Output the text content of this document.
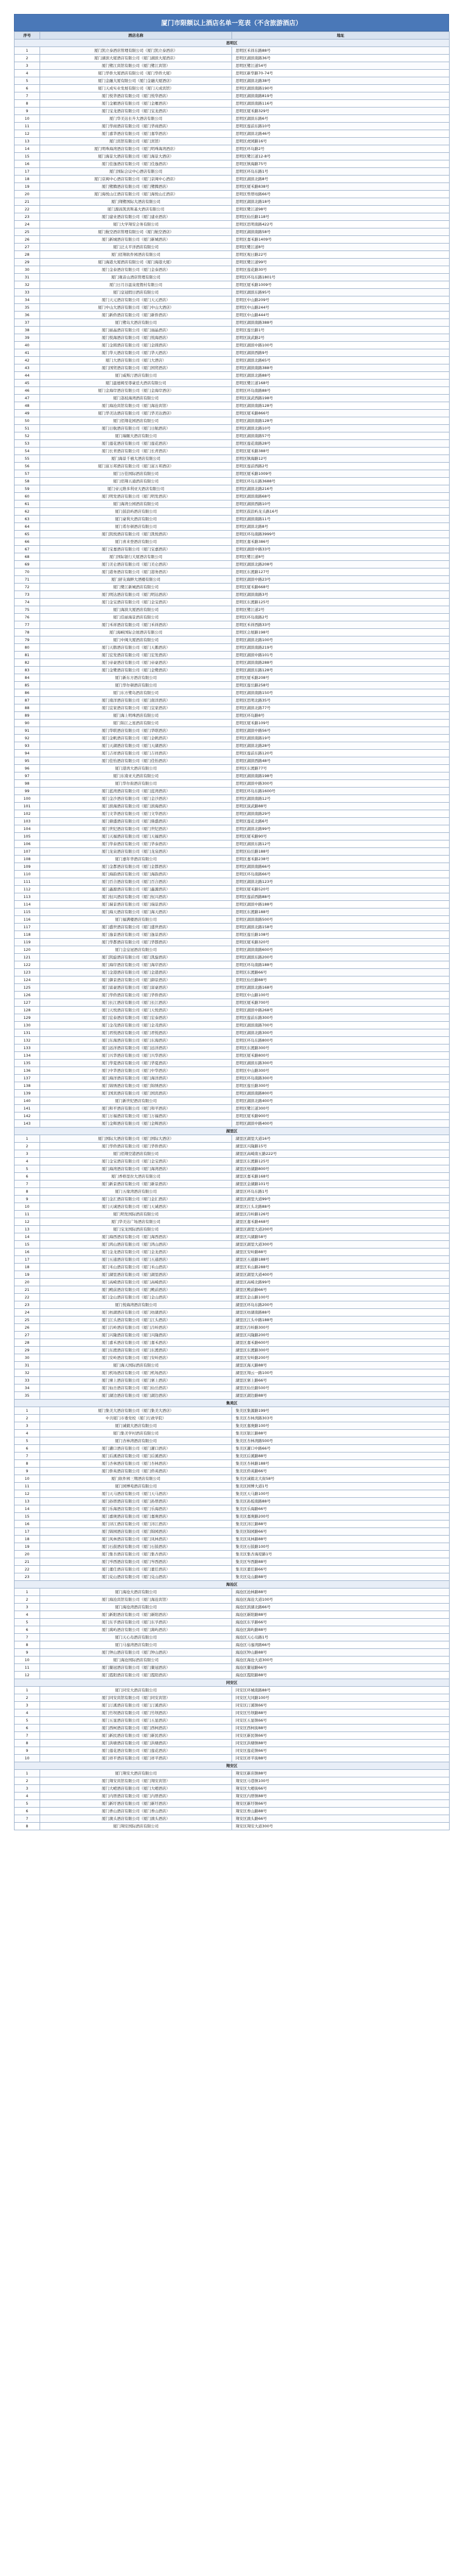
厦门市限额以上酒店名单一览表（不含旅游酒店）
序号	酒店名称	地址
思明区		
1	厦门凯立泰酒店管理有限公司（厦门凯立泰酒店）	思明区禾祥东路88号
2	厦门湖滨大厦酒店有限公司（厦门湖滨大厦酒店）	思明区湖滨南路36号
3	厦门鹭江宾馆有限公司（厦门鹭江宾馆）	思明区鹭江道54号
4	厦门华侨大厦酒店有限公司（厦门华侨大厦）	思明区新华路70-74号
5	厦门金融大厦有限公司（厦门金融大厦酒店）	思明区湖滨北路38号
6	厦门天成实业发展有限公司（厦门天成宾馆）	思明区湖滨南路190号
7	厦门悦华酒店有限公司（厦门悦华酒店）	思明区湖滨南路819号
8	厦门金雁酒店有限公司（厦门金雁酒店）	思明区湖滨南路116号
9	厦门宝龙酒店有限公司（厦门宝龙酒店）	思明区厦禾路329号
10	厦门华美达长升大酒店有限公司	思明区湖滨东路6号
11	厦门华商酒店有限公司（厦门华商酒店）	思明区莲前东路10号
12	厦门嘉华酒店有限公司（厦门嘉华酒店）	思明区湖滨北路46号
13	厦门宾馆有限公司（厦门宾馆）	思明区虎园路16号
14	厦门明珠海湾酒店有限公司（厦门明珠海湾酒店）	思明区环岛路2号
15	厦门海景大酒店有限公司（厦门海景大酒店）	思明区鹭江道12-8号
16	厦门佳逸酒店有限公司（厦门佳逸酒店）	思明区镇海路75号
17	厦门国际会议中心酒店有限公司	思明区环岛东路1号
18	厦门京闽中心酒店有限公司（厦门京闽中心酒店）	思明区湖滨北路8号
19	厦门鹭腾酒店有限公司（厦门鹭腾酒店）	思明区厦禾路838号
20	厦门海悦山庄酒店有限公司（厦门海悦山庄酒店）	思明区曾厝垵路66号
21	厦门翔鹭国际大酒店有限公司	思明区湖滨北路18号
22	厦门源昌凯宾斯基大酒店有限公司	思明区鹭江道98号
23	厦门建业酒店有限公司（厦门建业酒店）	思明区仙岳路118号
24	厦门大学翔安会务有限公司	思明区思明南路422号
25	厦门航空酒店管理有限公司（厦门航空酒店）	思明区湖滨南路58号
26	厦门新城酒店有限公司（厦门新城酒店）	思明区嘉禾路1409号
27	厦门泛太平洋酒店有限公司	思明区鹭江道8号
28	厦门佰翔软件园酒店有限公司	思明区观日路22号
29	厦门海港大厦酒店有限公司（厦门海港大厦）	思明区鹭江道99号
30	厦门金泰酒店有限公司（厦门金泰酒店）	思明区莲花路30号
31	厦门观音山酒店管理有限公司	思明区环岛东路1801号
32	厦门日月谷温泉度假村有限公司	思明区厦禾路1009号
33	厦门皇冠假日酒店有限公司	思明区湖滨东路95号
34	厦门天元酒店有限公司（厦门天元酒店）	思明区中山路209号
35	厦门中山大酒店有限公司（厦门中山大酒店）	思明区中山路244号
36	厦门新侨酒店有限公司（厦门新侨酒店）	思明区中山路444号
37	厦门鹭岛大酒店有限公司	思明区湖滨南路388号
38	厦门丽晶酒店有限公司（厦门丽晶酒店）	思明区莲岳路1号
39	厦门悦海酒店有限公司（厦门悦海酒店）	思明区演武路2号
40	厦门金圆酒店有限公司（厦门金圆酒店）	思明区湖滨中路100号
41	厦门华天酒店有限公司（厦门华天酒店）	思明区湖滨西路9号
42	厦门大酒店有限公司（厦门大酒店）	思明区湖滨北路65号
43	厦门国贸酒店有限公司（厦门国贸酒店）	思明区湖滨南路388号
44	厦门威斯汀酒店有限公司	思明区湖滨北路88号
45	厦门温德姆至尊豪廷大酒店有限公司	思明区鹭江道168号
46	厦门金海岸酒店有限公司（厦门金海岸酒店）	思明区环岛南路88号
47	厦门荔枝海湾酒店有限公司	思明区演武西路198号
48	厦门海沧宾馆有限公司（厦门海沧宾馆）	思明区湖滨南路128号
49	厦门华美达酒店有限公司（厦门华美达酒店）	思明区厦禾路866号
50	厦门佰翔花园酒店有限公司	思明区湖滨南路128号
51	厦门日航酒店有限公司（厦门日航酒店）	思明区湖滨北路10号
52	厦门瑞颐大酒店有限公司	思明区湖滨南路57号
53	厦门莲花酒店有限公司（厦门莲花酒店）	思明区莲花南路28号
54	厦门长青酒店有限公司（厦门长青酒店）	思明区厦禾路388号
55	厦门海景千禧大酒店有限公司	思明区镇海路12号
56	厦门富万邦酒店有限公司（厦门富万邦酒店）	思明区莲前西路2号
57	厦门万佳国际酒店有限公司	思明区厦禾路1009号
58	厦门佰翔五通酒店有限公司	思明区环岛东路3688号
59	厦门帝元维多利亚大酒店有限公司	思明区湖滨北路216号
60	厦门明发酒店有限公司（厦门明发酒店）	思明区湖滨南路68号
61	厦门海湾公园酒店有限公司	思明区湖滨西路10号
62	厦门鼓浪屿酒店有限公司	思明区鼓浪屿龙头路16号
63	厦门豪利大酒店有限公司	思明区湖滨南路11号
64	厦门希尔顿酒店有限公司	思明区湖滨北路8号
65	厦门凯悦酒店有限公司（厦门凯悦酒店）	思明区环岛南路3999号
66	厦门喜来登酒店有限公司	思明区嘉禾路386号
67	厦门宝嘉酒店有限公司（厦门宝嘉酒店）	思明区湖滨中路33号
68	厦门国际银行大厦酒店有限公司	思明区鹭江道8号
69	厦门美仑酒店有限公司（厦门美仑酒店）	思明区湖滨北路208号
70	厦门港务酒店有限公司（厦门港务酒店）	思明区东渡路127号
71	厦门舒友海鲜大酒楼有限公司	思明区湖滨中路23号
72	厦门鹭江新城酒店有限公司	思明区厦禾路668号
73	厦门明达酒店有限公司（厦门明达酒店）	思明区湖滨南路3号
74	厦门金宝酒店有限公司（厦门金宝酒店）	思明区东渡路125号
75	厦门海滨大厦酒店有限公司	思明区鹭江道2号
76	厦门佳丽海景酒店有限公司	思明区环岛南路2号
77	厦门禾祥酒店有限公司（厦门禾祥酒店）	思明区禾祥西路33号
78	厦门海峡国际会展酒店有限公司	思明区会展路198号
79	厦门中闽大厦酒店有限公司	思明区湖滨北路100号
80	厦门天鹅酒店有限公司（厦门天鹅酒店）	思明区湖滨南路219号
81	厦门宏发酒店有限公司（厦门宏发酒店）	思明区湖滨中路101号
82	厦门帝豪酒店有限公司（厦门帝豪酒店）	思明区湖滨南路288号
83	厦门金鹭酒店有限公司（厦门金鹭酒店）	思明区湖滨东路128号
84	厦门新东方酒店有限公司	思明区厦禾路208号
85	厦门华尔顿酒店有限公司	思明区莲岳路258号
86	厦门东方鹭岛酒店有限公司	思明区湖滨南路150号
87	厦门南洋酒店有限公司（厦门南洋酒店）	思明区思明北路35号
88	厦门宜家酒店有限公司（厦门宜家酒店）	思明区湖滨北路77号
89	厦门海上明珠酒店有限公司	思明区环岛路8号
90	厦门锦江之星酒店有限公司	思明区厦禾路109号
91	厦门华联酒店有限公司（厦门华联酒店）	思明区湖滨中路56号
92	厦门金帆酒店有限公司（厦门金帆酒店）	思明区湖滨南路19号
93	厦门天湖酒店有限公司（厦门天湖酒店）	思明区湖滨北路28号
94	厦门吉祥酒店有限公司（厦门吉祥酒店）	思明区莲前东路120号
95	厦门佳怡酒店有限公司（厦门佳怡酒店）	思明区湖滨西路48号
96	厦门港湾大酒店有限公司	思明区东渡路77号
97	厦门东南亚大酒店有限公司	思明区湖滨南路198号
98	厦门华尔街酒店有限公司	思明区湖滨中路300号
99	厦门蓝湾酒店有限公司（厦门蓝湾酒店）	思明区环岛东路1600号
100	厦门金沙酒店有限公司（厦门金沙酒店）	思明区湖滨南路12号
101	厦门滨海酒店有限公司（厦门滨海酒店）	思明区演武路88号
102	厦门文华酒店有限公司（厦门文华酒店）	思明区湖滨南路29号
103	厦门鼎盛酒店有限公司（厦门鼎盛酒店）	思明区莲花北路6号
104	厦门世纪酒店有限公司（厦门世纪酒店）	思明区湖滨北路99号
105	厦门天福酒店有限公司（厦门天福酒店）	思明区厦禾路90号
106	厦门华泰酒店有限公司（厦门华泰酒店）	思明区湖滨东路12号
107	厦门龙泉酒店有限公司（厦门龙泉酒店）	思明区仙岳路188号
108	厦门嘉年华酒店有限公司	思明区嘉禾路238号
109	厦门金都酒店有限公司（厦门金都酒店）	思明区湖滨南路66号
110	厦门海韵酒店有限公司（厦门海韵酒店）	思明区环岛南路66号
111	厦门百合酒店有限公司（厦门百合酒店）	思明区湖滨北路123号
112	厦门鑫源酒店有限公司（厦门鑫源酒店）	思明区厦禾路520号
113	厦门恒兴酒店有限公司（厦门恒兴酒店）	思明区莲前西路88号
114	厦门瑞景酒店有限公司（厦门瑞景酒店）	思明区湖滨中路188号
115	厦门海天酒店有限公司（厦门海天酒店）	思明区东渡路188号
116	厦门福满楼酒店有限公司	思明区湖滨南路500号
117	厦门盛世酒店有限公司（厦门盛世酒店）	思明区湖滨北路158号
118	厦门逸景酒店有限公司（厦门逸景酒店）	思明区莲岳路108号
119	厦门华都酒店有限公司（厦门华都酒店）	思明区厦禾路320号
120	厦门金皇冠酒店有限公司	思明区湖滨南路600号
121	厦门凯旋酒店有限公司（厦门凯旋酒店）	思明区湖滨东路200号
122	厦门海岸酒店有限公司（厦门海岸酒店）	思明区环岛南路188号
123	厦门金港酒店有限公司（厦门金港酒店）	思明区东渡路66号
124	厦门御景酒店有限公司（厦门御景酒店）	思明区仙岳路88号
125	厦门富豪酒店有限公司（厦门富豪酒店）	思明区湖滨北路168号
126	厦门华侨酒店有限公司（厦门华侨酒店）	思明区中山路100号
127	厦门长江酒店有限公司（厦门长江酒店）	思明区厦禾路700号
128	厦门天悦酒店有限公司（厦门天悦酒店）	思明区湖滨中路268号
129	厦门宏泰酒店有限公司（厦门宏泰酒店）	思明区莲前东路300号
130	厦门金茂酒店有限公司（厦门金茂酒店）	思明区湖滨南路700号
131	厦门君悦酒店有限公司（厦门君悦酒店）	思明区湖滨北路300号
132	厦门东海酒店有限公司（厦门东海酒店）	思明区环岛东路800号
133	厦门远洋酒店有限公司（厦门远洋酒店）	思明区东渡路300号
134	厦门兴华酒店有限公司（厦门兴华酒店）	思明区厦禾路800号
135	厦门华夏酒店有限公司（厦门华夏酒店）	思明区湖滨东路300号
136	厦门中华酒店有限公司（厦门中华酒店）	思明区中山路300号
137	厦门海洋酒店有限公司（厦门海洋酒店）	思明区环岛南路300号
138	厦门锦绣酒店有限公司（厦门锦绣酒店）	思明区莲岳路300号
139	厦门国宾酒店有限公司（厦门国宾酒店）	思明区湖滨南路800号
140	厦门新世纪酒店有限公司	思明区湖滨北路400号
141	厦门和平酒店有限公司（厦门和平酒店）	思明区鹭江道300号
142	厦门万福酒店有限公司（厦门万福酒店）	思明区厦禾路900号
143	厦门金辉酒店有限公司（厦门金辉酒店）	思明区湖滨中路400号
湖里区		
1	厦门国际大酒店有限公司（厦门国际大酒店）	湖里区湖里大道16号
2	厦门华侨酒店有限公司（厦门华侨酒店）	湖里区兴隆路15号
3	厦门佰翔空港酒店有限公司	湖里区高崎南五路222号
4	厦门金宝酒店有限公司（厦门金宝酒店）	湖里区东渡路125号
5	厦门海湾酒店有限公司（厦门海湾酒店）	湖里区枋湖路800号
6	厦门香格里拉大酒店有限公司	湖里区嘉禾路168号
7	厦门新景酒店有限公司（厦门新景酒店）	湖里区金湖路101号
8	厦门五缘湾酒店有限公司	湖里区环岛东路1号
9	厦门金汇酒店有限公司（厦门金汇酒店）	湖里区湖里大道99号
10	厦门天诚酒店有限公司（厦门天诚酒店）	湖里区江头北路88号
11	厦门明发国际酒店有限公司	湖里区吕岭路126号
12	厦门华美达广场酒店有限公司	湖里区嘉禾路468号
13	厦门宝龙国际酒店有限公司	湖里区湖里大道200号
14	厦门海西酒店有限公司（厦门海西酒店）	湖里区兴湖路58号
15	厦门鸿山酒店有限公司（厦门鸿山酒店）	湖里区湖里大道300号
16	厦门金龙酒店有限公司（厦门金龙酒店）	湖里区安岭路88号
17	厦门五通酒店有限公司（厦门五通酒店）	湖里区五通路188号
18	厦门禾山酒店有限公司（厦门禾山酒店）	湖里区禾山路288号
19	厦门湖里酒店有限公司（厦门湖里酒店）	湖里区湖里大道400号
20	厦门高崎酒店有限公司（厦门高崎酒店）	湖里区高崎北路99号
21	厦门殿前酒店有限公司（厦门殿前酒店）	湖里区殿前路66号
22	厦门金山酒店有限公司（厦门金山酒店）	湖里区金山路100号
23	厦门悦海湾酒店有限公司	湖里区环岛东路200号
24	厦门枋湖酒店有限公司（厦门枋湖酒店）	湖里区枋湖南路88号
25	厦门江头酒店有限公司（厦门江头酒店）	湖里区江头中路188号
26	厦门吕岭酒店有限公司（厦门吕岭酒店）	湖里区吕岭路300号
27	厦门兴隆酒店有限公司（厦门兴隆酒店）	湖里区兴隆路200号
28	厦门嘉禾酒店有限公司（厦门嘉禾酒店）	湖里区嘉禾路600号
29	厦门东渡酒店有限公司（厦门东渡酒店）	湖里区东渡路300号
30	厦门安岭酒店有限公司（厦门安岭酒店）	湖里区安岭路200号
31	厦门海天国际酒店有限公司	湖里区海天路88号
32	厦门机场酒店有限公司（厦门机场酒店）	湖里区翔云一路100号
33	厦门寨上酒店有限公司（厦门寨上酒店）	湖里区寨上路66号
34	厦门仙岳酒店有限公司（厦门仙岳酒店）	湖里区仙岳路500号
35	厦门湖边酒店有限公司（厦门湖边酒店）	湖里区湖边路88号
集美区		
1	厦门集美大酒店有限公司（厦门集美大酒店）	集美区集源路199号
2	中共厦门市委党校（厦门行政学院）	集美区杏林湾路303号
3	厦门诚毅大酒店有限公司	集美区嘉庚路100号
4	厦门集美学村酒店有限公司	集美区银江路88号
5	厦门杏林湾酒店有限公司	集美区杏林湾路500号
6	厦门灌口酒店有限公司（厦门灌口酒店）	集美区灌口中路66号
7	厦门后溪酒店有限公司（厦门后溪酒店）	集美区后溪路88号
8	厦门杏林酒店有限公司（厦门杏林酒店）	集美区杏林路188号
9	厦门侨英酒店有限公司（厦门侨英酒店）	集美区侨英路66号
10	厦门软件园三期酒店有限公司	集美区诚毅北大街58号
11	厦门园博苑酒店有限公司	集美区园博大道1号
12	厦门天马酒店有限公司（厦门天马酒店）	集美区天马路100号
13	厦门孙厝酒店有限公司（厦门孙厝酒店）	集美区孙坂南路88号
14	厦门乐海酒店有限公司（厦门乐海酒店）	集美区乐海路66号
15	厦门嘉庚酒店有限公司（厦门嘉庚酒店）	集美区嘉庚路200号
16	厦门浔江酒店有限公司（厦门浔江酒店）	集美区浔江路88号
17	厦门锦园酒店有限公司（厦门锦园酒店）	集美区锦园路66号
18	厦门凤林酒店有限公司（厦门凤林酒店）	集美区凤林路88号
19	厦门石鼓酒店有限公司（厦门石鼓酒店）	集美区石鼓路100号
20	厦门集杏酒店有限公司（厦门集杏酒店）	集美区集杏海堤路1号
21	厦门岑西酒店有限公司（厦门岑西酒店）	集美区岑西路88号
22	厦门董任酒店有限公司（厦门董任酒店）	集美区董任路66号
23	厦门兑山酒店有限公司（厦门兑山酒店）	集美区兑山路88号
海沧区		
1	厦门海沧大酒店有限公司	海沧区沧林路88号
2	厦门海沧宾馆有限公司（厦门海沧宾馆）	海沧区海沧大道100号
3	厦门海沧湾酒店有限公司	海沧区滨湖北路66号
4	厦门新阳酒店有限公司（厦门新阳酒店）	海沧区新阳路88号
5	厦门东孚酒店有限公司（厦门东孚酒店）	海沧区东孚路66号
6	厦门嵩屿酒店有限公司（厦门嵩屿酒店）	海沧区嵩屿路88号
7	厦门天心岛酒店有限公司	海沧区天心岛路1号
8	厦门马銮湾酒店有限公司	海沧区马銮湾路66号
9	厦门钟山酒店有限公司（厦门钟山酒店）	海沧区钟山路88号
10	厦门海沧国际酒店有限公司	海沧区海沧大道300号
11	厦门鳌冠酒店有限公司（厦门鳌冠酒店）	海沧区鳌冠路66号
12	厦门霞阳酒店有限公司（厦门霞阳酒店）	海沧区霞阳路88号
同安区		
1	厦门同安大酒店有限公司	同安区环城南路88号
2	厦门同安宾馆有限公司（厦门同安宾馆）	同安区大同路100号
3	厦门汀溪酒店有限公司（厦门汀溪酒店）	同安区汀溪镇66号
4	厦门竹坝酒店有限公司（厦门竹坝酒店）	同安区竹坝路88号
5	厦门五显酒店有限公司（厦门五显酒店）	同安区五显镇66号
6	厦门西柯酒店有限公司（厦门西柯酒店）	同安区西柯街88号
7	厦门新民酒店有限公司（厦门新民酒店）	同安区新民镇66号
8	厦门洪塘酒店有限公司（厦门洪塘酒店）	同安区洪塘镇88号
9	厦门莲花酒店有限公司（厦门莲花酒店）	同安区莲花镇66号
10	厦门祥平酒店有限公司（厦门祥平酒店）	同安区祥平街88号
翔安区		
1	厦门翔安大酒店有限公司	翔安区新店镇88号
2	厦门翔安宾馆有限公司（厦门翔安宾馆）	翔安区马巷镇100号
3	厦门大嶝酒店有限公司（厦门大嶝酒店）	翔安区大嶝街66号
4	厦门内厝酒店有限公司（厦门内厝酒店）	翔安区内厝镇88号
5	厦门新圩酒店有限公司（厦门新圩酒店）	翔安区新圩镇66号
6	厦门香山酒店有限公司（厦门香山酒店）	翔安区香山路88号
7	厦门澳头酒店有限公司（厦门澳头酒店）	翔安区澳头路66号
8	厦门翔安国际酒店有限公司	翔安区翔安大道300号
